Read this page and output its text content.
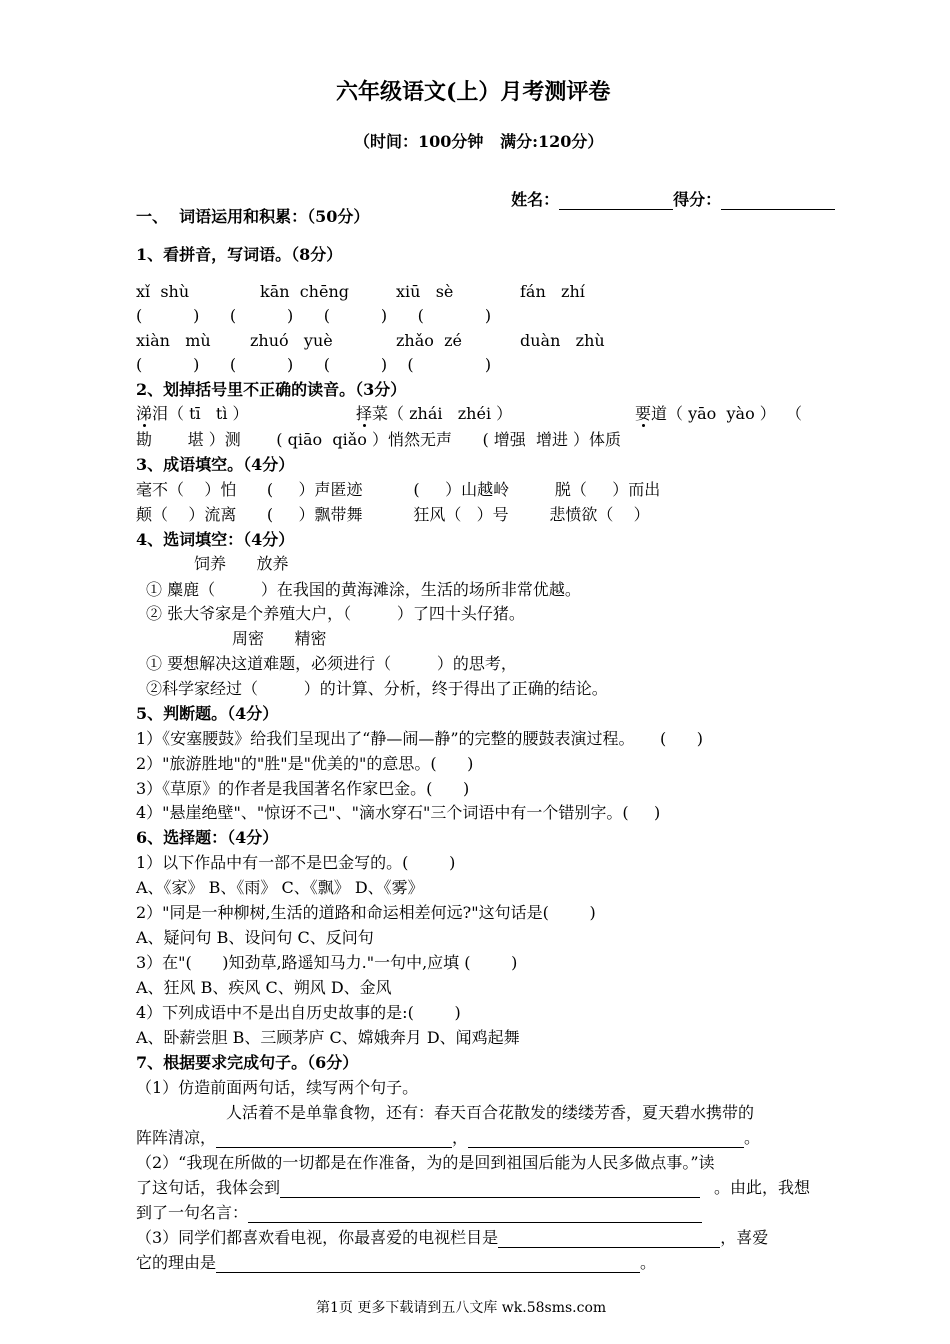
六年级语文(上）月考测评卷
（时间：100分钟   满分:120分）

姓名：	得分：

一、  词语运用和积累：（50分）
1、看拼音，写词语。（8分）
xǐ  shù	kān  chēng	xiū   sè	fán   zhí
(          )      (          )      (          )      (            )
xiàn   mù zhuó   yuè	zhǎo  zé	duàn   zhù
(          )      (          )      (          )    (              )
2、划掉括号里不正确的读音。（3分）
涕泪（ tī   tì ）	择菜（ zhái   zhéi ）	要道（ yāo  yào ）  （
勘       堪 ）测       ( qiāo  qiǎo ）悄然无声      ( 增强  增进 ）体质
3、成语填空。（4分）
毫不（    ）怕      (     ）声匿迹          (     ）山越岭         脱（     ）而出
颠（    ）流离      (     ）飘带舞          狂风（   ）号        悲愤欲（    ）
4、选词填空：（4分）
饲养      放养
① 麋鹿（         ）在我国的黄海滩涂，生活的场所非常优越。
② 张大爷家是个养殖大户，（         ）了四十头仔猪。
周密      精密
① 要想解决这道难题，必须进行（         ）的思考，
②科学家经过（         ）的计算、分析，终于得出了正确的结论。
5、判断题。（4分）
1）《安塞腰鼓》给我们呈现出了“静—闹—静”的完整的腰鼓表演过程。     (      )
2）"旅游胜地"的"胜"是"优美的"的意思。(      )
3）《草原》的作者是我国著名作家巴金。(      )
4）"悬崖绝壁"、"惊讶不己"、"滴水穿石"三个词语中有一个错别字。(     )
6、选择题：（4分）
1）以下作品中有一部不是巴金写的。(        )
A、《家》 B、《雨》 C、《飘》 D、《雾》
2）"同是一种柳树,生活的道路和命运相差何远?"这句话是(        )
A、疑问句 B、设问句 C、反问句
3）在"(      )知劲草,路遥知马力."一句中,应填 (        )
A、狂风 B、疾风 C、朔风 D、金风
4）下列成语中不是出自历史故事的是:(        )
A、卧薪尝胆 B、三顾茅庐 C、嫦娥奔月 D、闻鸡起舞
7、根据要求完成句子。（6分）
（1）仿造前面两句话，续写两个句子。
人活着不是单靠食物，还有：春天百合花散发的缕缕芳香，夏天碧水携带的
阵阵清凉，	，	。
（2）“我现在所做的一切都是在作准备，为的是回到祖国后能为人民多做点事。”读
了这句话，我体会到	。由此，我想
到了一句名言：
（3）同学们都喜欢看电视，你最喜爱的电视栏目是	，喜爱
它的理由是	。
第1页 更多下载请到五八文库 wk.58sms.com
